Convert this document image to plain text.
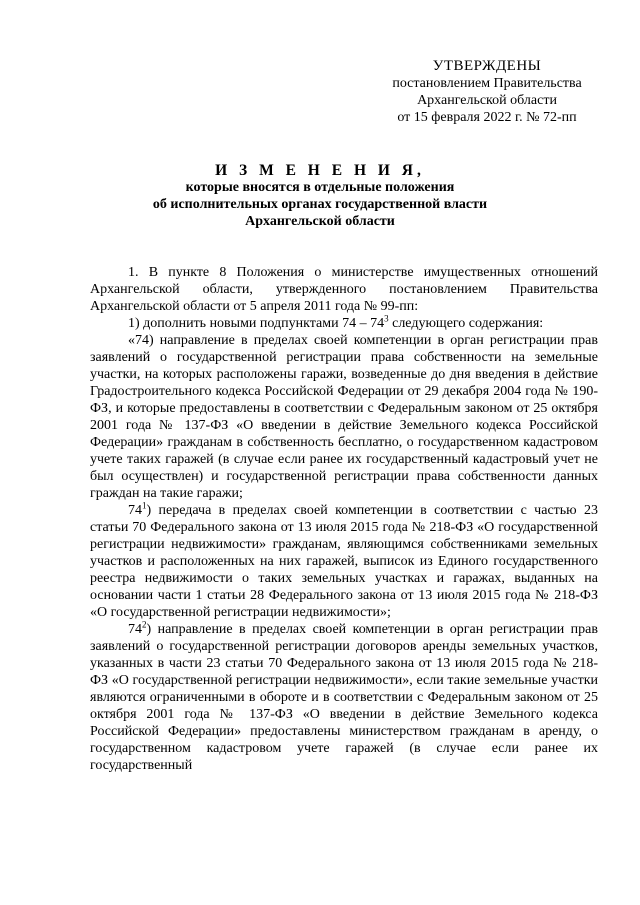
УТВЕРЖДЕНЫ
постановлением Правительства
Архангельской области
от 15 февраля 2022 г. № 72-пп
И З М Е Н Е Н И Я,
которые вносятся в отдельные положения
об исполнительных органах государственной власти
Архангельской области

1. В пункте 8 Положения о министерстве имущественных отношений Архангельской области, утвержденного постановлением Правительства Архангельской области от 5 апреля 2011 года № 99-пп:

1) дополнить новыми подпунктами $74 - 74^3$ следующего содержания:

«74) направление в пределах своей компетенции в орган регистрации прав заявлений о государственной регистрации права собственности на земельные участки, на которых расположены гаражи, возведенные до дня введения в действие Градостроительного кодекса Российской Федерации от 29 декабря 2004 года № 190-ФЗ, и которые предоставлены в соответствии с Федеральным законом от 25 октября 2001 года № 137-ФЗ «О введении в действие Земельного кодекса Российской Федерации» гражданам в собственность бесплатно, о государственном кадастровом учете таких гаражей (в случае если ранее их государственный кадастровый учет не был осуществлен) и государственной регистрации права собственности данных граждан на такие гаражи;

$74^1$) передача в пределах своей компетенции в соответствии с частью 23 статьи 70 Федерального закона от 13 июля 2015 года № 218-ФЗ «О государственной регистрации недвижимости» гражданам, являющимся собственниками земельных участков и расположенных на них гаражей, выписок из Единого государственного реестра недвижимости о таких земельных участках и гаражах, выданных на основании части 1 статьи 28 Федерального закона от 13 июля 2015 года № 218-ФЗ «О государственной регистрации недвижимости»;

$74^2$) направление в пределах своей компетенции в орган регистрации прав заявлений о государственной регистрации договоров аренды земельных участков, указанных в части 23 статьи 70 Федерального закона от 13 июля 2015 года № 218-ФЗ «О государственной регистрации недвижимости», если такие земельные участки являются ограниченными в обороте и в соответствии с Федеральным законом от 25 октября 2001 года № 137-ФЗ «О введении в действие Земельного кодекса Российской Федерации» предоставлены министерством гражданам в аренду, о государственном кадастровом учете гаражей (в случае если ранее их государственный
